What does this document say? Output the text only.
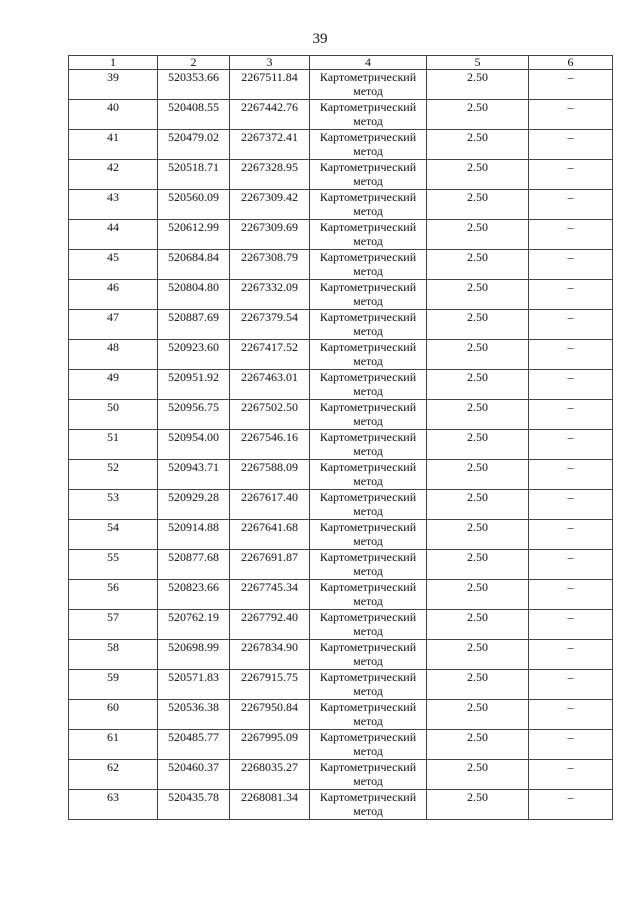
39
1	2	3	4	5	6
39	520353.66	2267511.84	Картометрический метод	2.50	–
40	520408.55	2267442.76	Картометрический метод	2.50	–
41	520479.02	2267372.41	Картометрический метод	2.50	–
42	520518.71	2267328.95	Картометрический метод	2.50	–
43	520560.09	2267309.42	Картометрический метод	2.50	–
44	520612.99	2267309.69	Картометрический метод	2.50	–
45	520684.84	2267308.79	Картометрический метод	2.50	–
46	520804.80	2267332.09	Картометрический метод	2.50	–
47	520887.69	2267379.54	Картометрический метод	2.50	–
48	520923.60	2267417.52	Картометрический метод	2.50	–
49	520951.92	2267463.01	Картометрический метод	2.50	–
50	520956.75	2267502.50	Картометрический метод	2.50	–
51	520954.00	2267546.16	Картометрический метод	2.50	–
52	520943.71	2267588.09	Картометрический метод	2.50	–
53	520929.28	2267617.40	Картометрический метод	2.50	–
54	520914.88	2267641.68	Картометрический метод	2.50	–
55	520877.68	2267691.87	Картометрический метод	2.50	–
56	520823.66	2267745.34	Картометрический метод	2.50	–
57	520762.19	2267792.40	Картометрический метод	2.50	–
58	520698.99	2267834.90	Картометрический метод	2.50	–
59	520571.83	2267915.75	Картометрический метод	2.50	–
60	520536.38	2267950.84	Картометрический метод	2.50	–
61	520485.77	2267995.09	Картометрический метод	2.50	–
62	520460.37	2268035.27	Картометрический метод	2.50	–
63	520435.78	2268081.34	Картометрический метод	2.50	–
